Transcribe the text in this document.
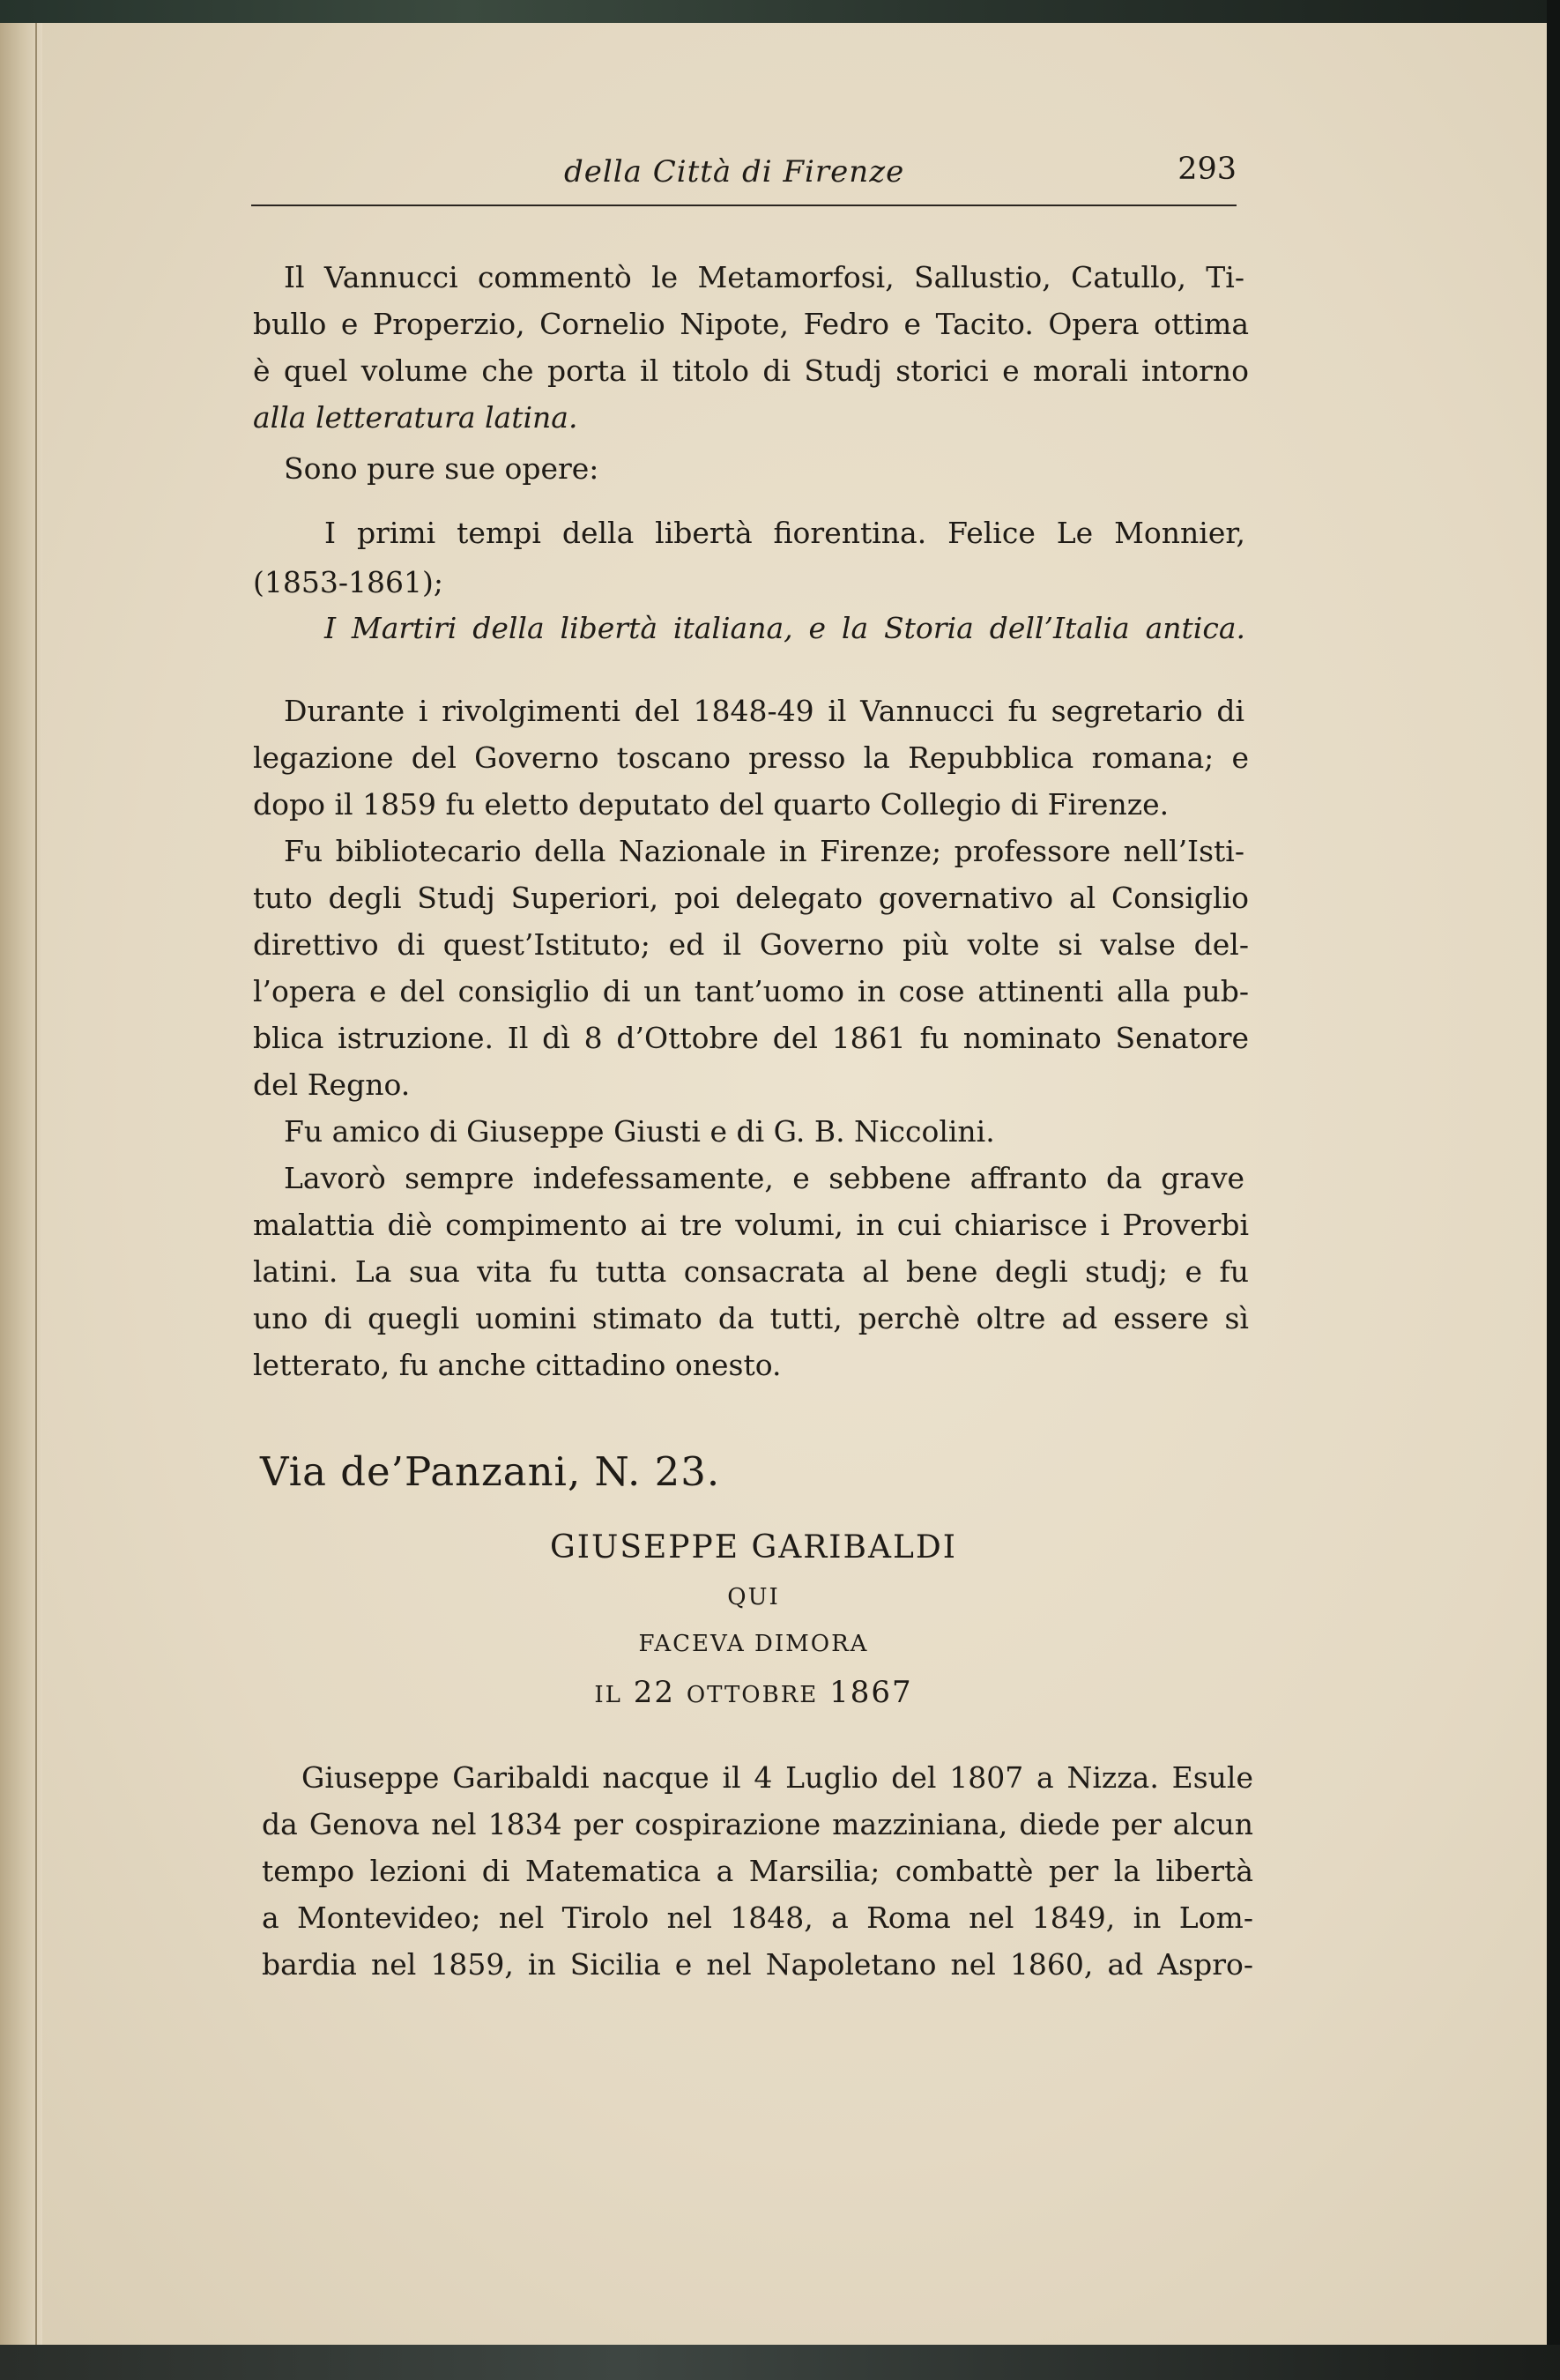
della Città di Firenze	293
Il Vannucci commentò le Metamorfosi, Sallustio, Catullo, Ti-
bullo e Properzio, Cornelio Nipote, Fedro e Tacito. Opera ottima
è quel volume che porta il titolo di Studj storici e morali intorno
alla letteratura latina.
Sono pure sue opere:
I primi tempi della libertà fiorentina. Felice Le Monnier,
(1853-1861);
I Martiri della libertà italiana, e la Storia dell’Italia antica.
Durante i rivolgimenti del 1848-49 il Vannucci fu segretario di
legazione del Governo toscano presso la Repubblica romana; e
dopo il 1859 fu eletto deputato del quarto Collegio di Firenze.
Fu bibliotecario della Nazionale in Firenze; professore nell’Isti-
tuto degli Studj Superiori, poi delegato governativo al Consiglio
direttivo di quest’Istituto; ed il Governo più volte si valse del-
l’opera e del consiglio di un tant’uomo in cose attinenti alla pub-
blica istruzione. Il dì 8 d’Ottobre del 1861 fu nominato Senatore
del Regno.
Fu amico di Giuseppe Giusti e di G. B. Niccolini.
Lavorò sempre indefessamente, e sebbene affranto da grave
malattia diè compimento ai tre volumi, in cui chiarisce i Proverbi
latini. La sua vita fu tutta consacrata al bene degli studj; e fu
uno di quegli uomini stimato da tutti, perchè oltre ad essere sì
letterato, fu anche cittadino onesto.
Via de’Panzani, N. 23.
GIUSEPPE GARIBALDI
QUI
FACEVA DIMORA
IL 22 OTTOBRE 1867
Giuseppe Garibaldi nacque il 4 Luglio del 1807 a Nizza. Esule
da Genova nel 1834 per cospirazione mazziniana, diede per alcun
tempo lezioni di Matematica a Marsilia; combattè per la libertà
a Montevideo; nel Tirolo nel 1848, a Roma nel 1849, in Lom-
bardia nel 1859, in Sicilia e nel Napoletano nel 1860, ad Aspro-
